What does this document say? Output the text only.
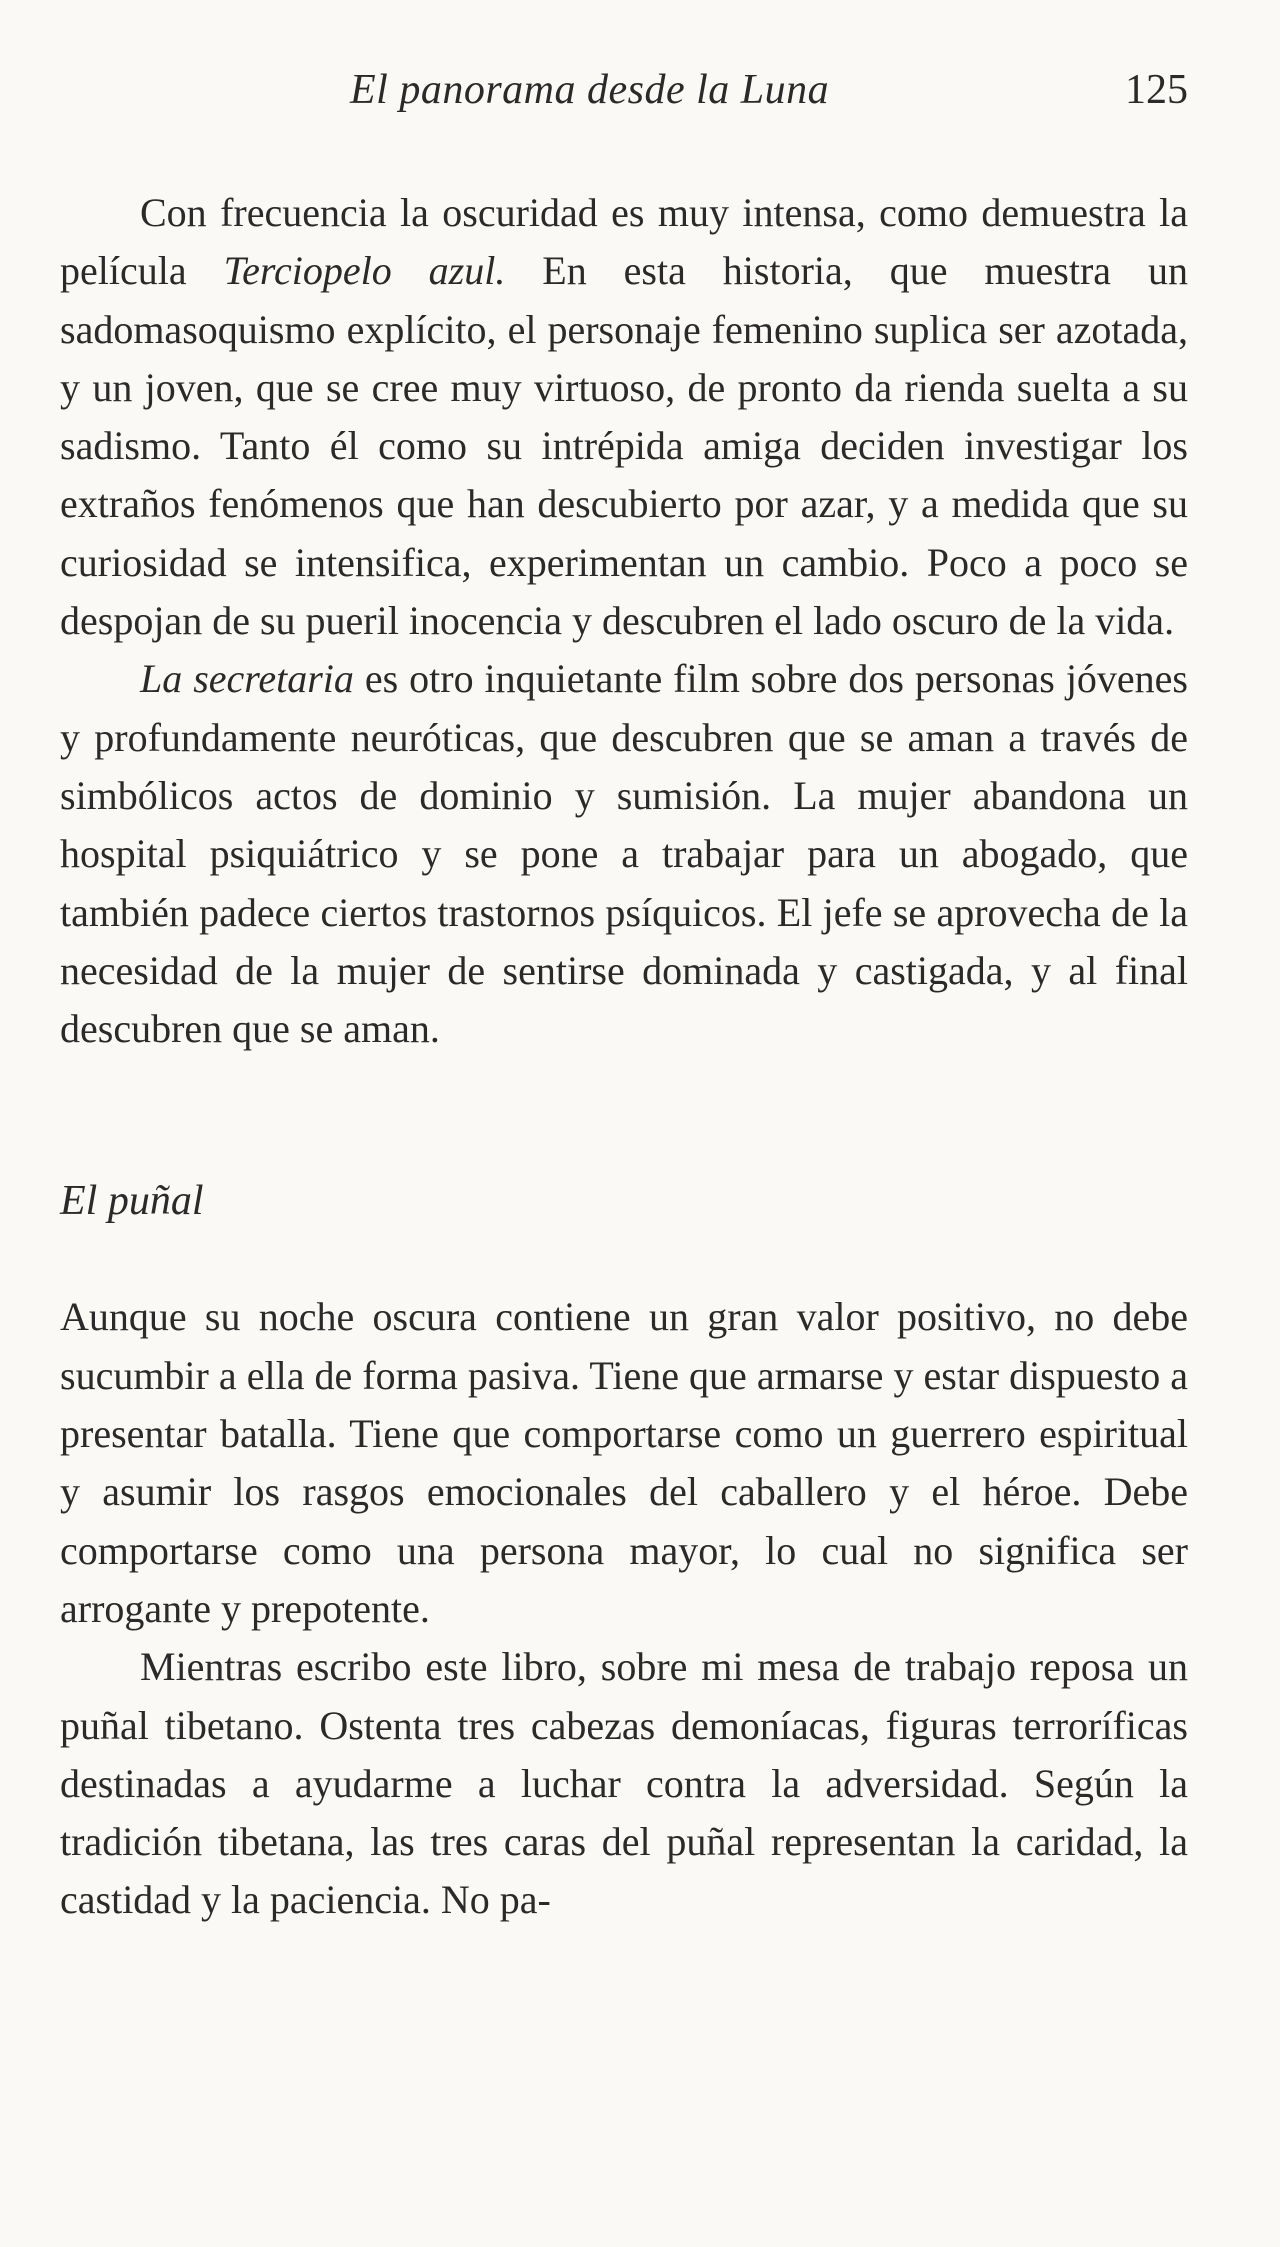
El panorama desde la Luna	125

Con frecuencia la oscuridad es muy intensa, como demuestra la película Terciopelo azul. En esta historia, que muestra un sadomasoquismo explícito, el personaje femenino suplica ser azotada, y un joven, que se cree muy virtuoso, de pronto da rienda suelta a su sadismo. Tanto él como su intrépida amiga deciden investigar los extraños fenómenos que han descubierto por azar, y a medida que su curiosidad se intensifica, experimentan un cambio. Poco a poco se despojan de su pueril inocencia y descubren el lado oscuro de la vida.

La secretaria es otro inquietante film sobre dos personas jóvenes y profundamente neuróticas, que descubren que se aman a través de simbólicos actos de dominio y sumisión. La mujer abandona un hospital psiquiátrico y se pone a trabajar para un abogado, que también padece ciertos trastornos psíquicos. El jefe se aprovecha de la necesidad de la mujer de sentirse dominada y castigada, y al final descubren que se aman.

El puñal

Aunque su noche oscura contiene un gran valor positivo, no debe sucumbir a ella de forma pasiva. Tiene que armarse y estar dispuesto a presentar batalla. Tiene que comportarse como un guerrero espiritual y asumir los rasgos emocionales del caballero y el héroe. Debe comportarse como una persona mayor, lo cual no significa ser arrogante y prepotente.

Mientras escribo este libro, sobre mi mesa de trabajo reposa un puñal tibetano. Ostenta tres cabezas demoníacas, figuras terroríficas destinadas a ayudarme a luchar contra la adversidad. Según la tradición tibetana, las tres caras del puñal representan la caridad, la castidad y la paciencia. No pa-
